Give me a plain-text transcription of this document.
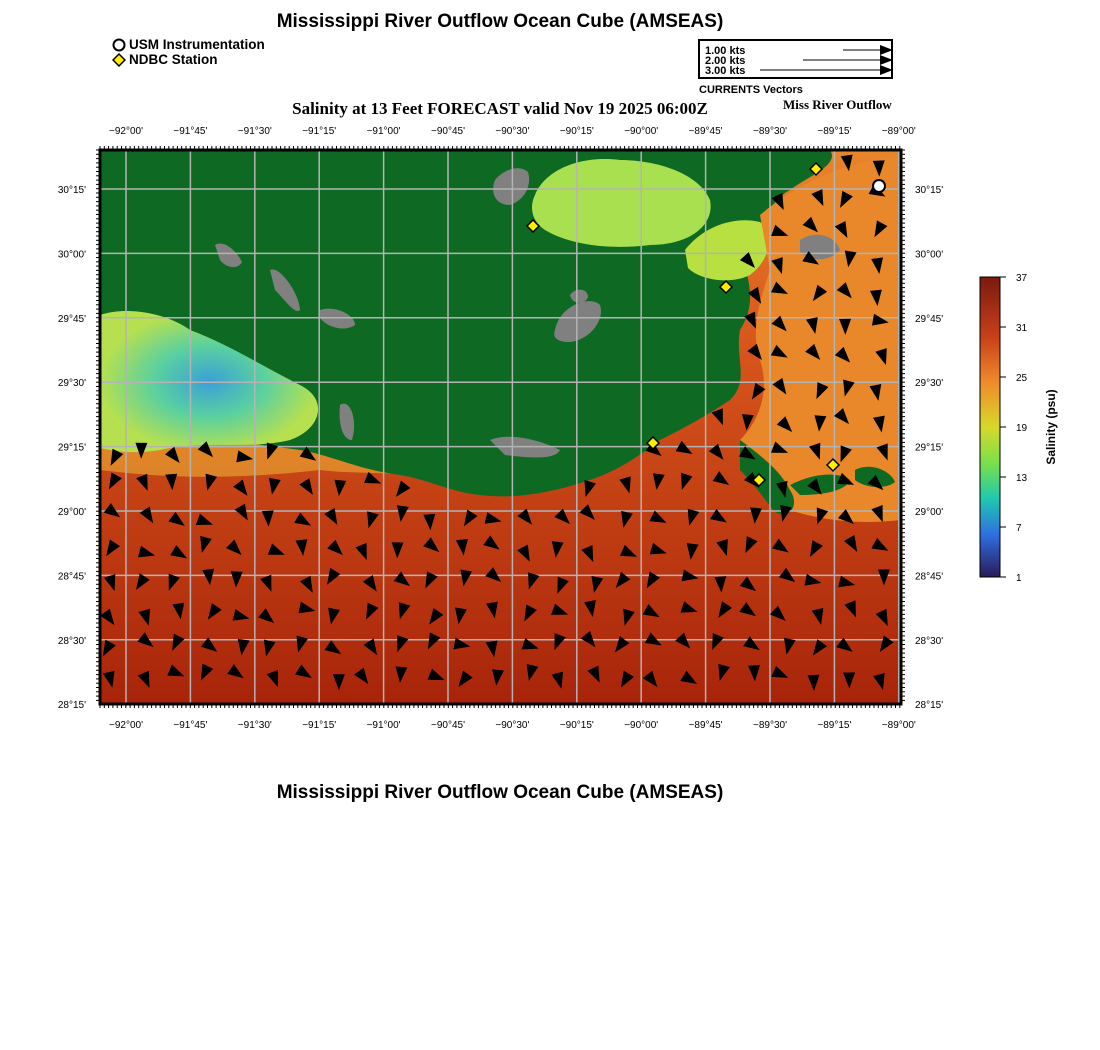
Mississippi River Outflow Ocean Cube (AMSEAS)
USM Instrumentation
NDBC Station
1.00 kts
2.00 kts
3.00 kts
CURRENTS Vectors
Salinity at 13 Feet FORECAST valid Nov 19 2025 06:00Z	Miss River Outflow
−92°00'
−92°00'
−91°45'
−91°45'
−91°30'
−91°30'
−91°15'
−91°15'
−91°00'
−91°00'
−90°45'
−90°45'
−90°30'
−90°30'
−90°15'
−90°15'
−90°00'
−90°00'
−89°45'
−89°45'
−89°30'
−89°30'
−89°15'
−89°15'
−89°00'
−89°00'
30°15'	30°15'
30°00'	30°00'
29°45'	29°45'
29°30'	29°30'
29°15'	29°15'
29°00'	29°00'
28°45'	28°45'
28°30'	28°30'
28°15'	28°15'
37
31
25
19
13
7
1
Salinity (psu)
Mississippi River Outflow Ocean Cube (AMSEAS)
